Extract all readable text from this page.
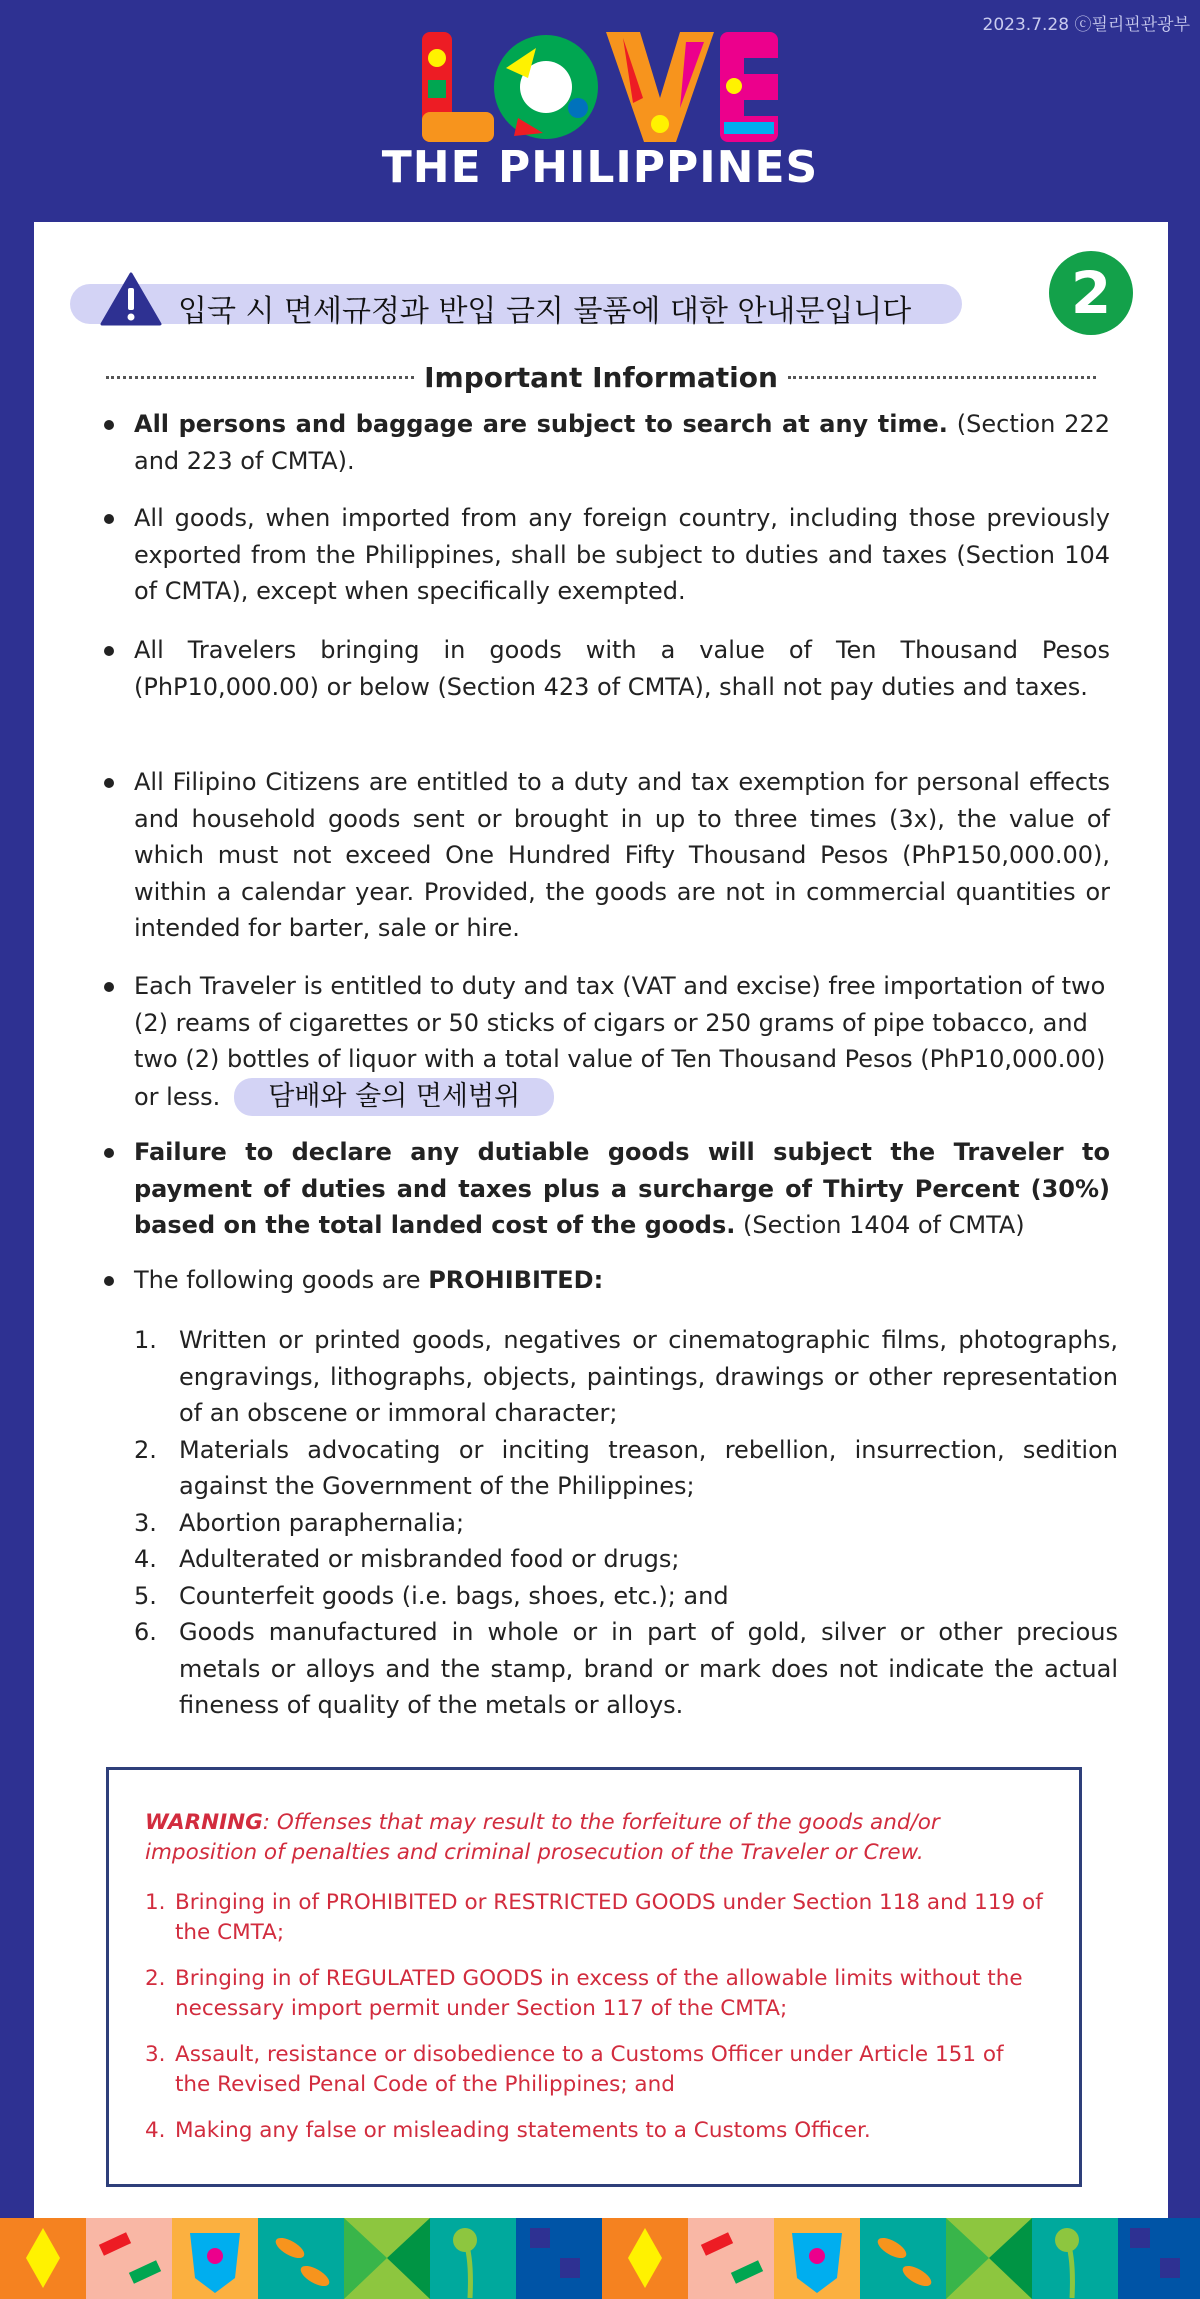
2023.7.28 ⓒ필리핀관광부
THE PHILIPPINES
입국 시 면세규정과 반입 금지 물품에 대한 안내문입니다	2
Important Information
All persons and baggage are subject to search at any time. (Section 222 and 223 of CMTA).
All goods, when imported from any foreign country, including those previously exported from the Philippines, shall be subject to duties and taxes (Section 104 of CMTA), except when specifically exempted.
All Travelers bringing in goods with a value of Ten Thousand Pesos (PhP10,000.00) or below (Section 423 of CMTA), shall not pay duties and taxes.
All Filipino Citizens are entitled to a duty and tax exemption for personal effects and household goods sent or brought in up to three times (3x), the value of which must not exceed One Hundred Fifty Thousand Pesos (PhP150,000.00), within a calendar year. Provided, the goods are not in commercial quantities or intended for barter, sale or hire.
Each Traveler is entitled to duty and tax (VAT and excise) free importation of two (2) reams of cigarettes or 50 sticks of cigars or 250 grams of pipe tobacco, and two (2) bottles of liquor with a total value of Ten Thousand Pesos (PhP10,000.00) or less. 담배와 술의 면세범위
Failure to declare any dutiable goods will subject the Traveler to payment of duties and taxes plus a surcharge of Thirty Percent (30%) based on the total landed cost of the goods. (Section 1404 of CMTA)
The following goods are PROHIBITED:
1. Written or printed goods, negatives or cinematographic films, photographs, engravings, lithographs, objects, paintings, drawings or other representation of an obscene or immoral character;
2. Materials advocating or inciting treason, rebellion, insurrection, sedition against the Government of the Philippines;
3. Abortion paraphernalia;
4. Adulterated or misbranded food or drugs;
5. Counterfeit goods (i.e. bags, shoes, etc.); and
6. Goods manufactured in whole or in part of gold, silver or other precious metals or alloys and the stamp, brand or mark does not indicate the actual fineness of quality of the metals or alloys.
WARNING: Offenses that may result to the forfeiture of the goods and/or imposition of penalties and criminal prosecution of the Traveler or Crew.
1. Bringing in of PROHIBITED or RESTRICTED GOODS under Section 118 and 119 of the CMTA;
2. Bringing in of REGULATED GOODS in excess of the allowable limits without the necessary import permit under Section 117 of the CMTA;
3. Assault, resistance or disobedience to a Customs Officer under Article 151 of the Revised Penal Code of the Philippines; and
4. Making any false or misleading statements to a Customs Officer.
